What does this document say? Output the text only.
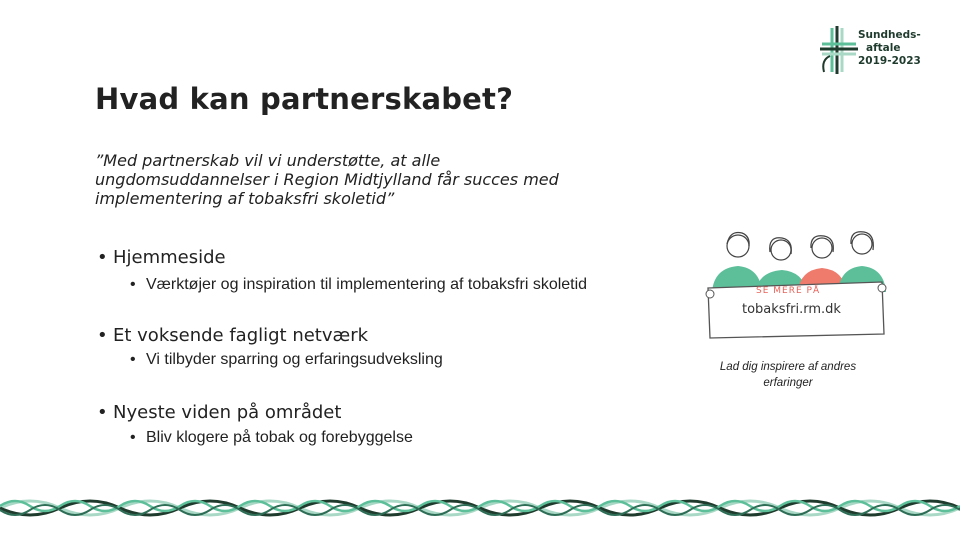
Sundheds-
aftale
2019-2023
Hvad kan partnerskabet?
”Med partnerskab vil vi understøtte, at alle
ungdomsuddannelser i Region Midtjylland får succes med
implementering af tobaksfri skoletid”
• Hjemmeside
• Værktøjer og inspiration til implementering af tobaksfri skoletid
• Et voksende fagligt netværk
• Vi tilbyder sparring og erfaringsudveksling
• Nyeste viden på området
• Bliv klogere på tobak og forebyggelse
SE MERE PÅ
tobaksfri.rm.dk
Lad dig inspirere af andres
erfaringer
